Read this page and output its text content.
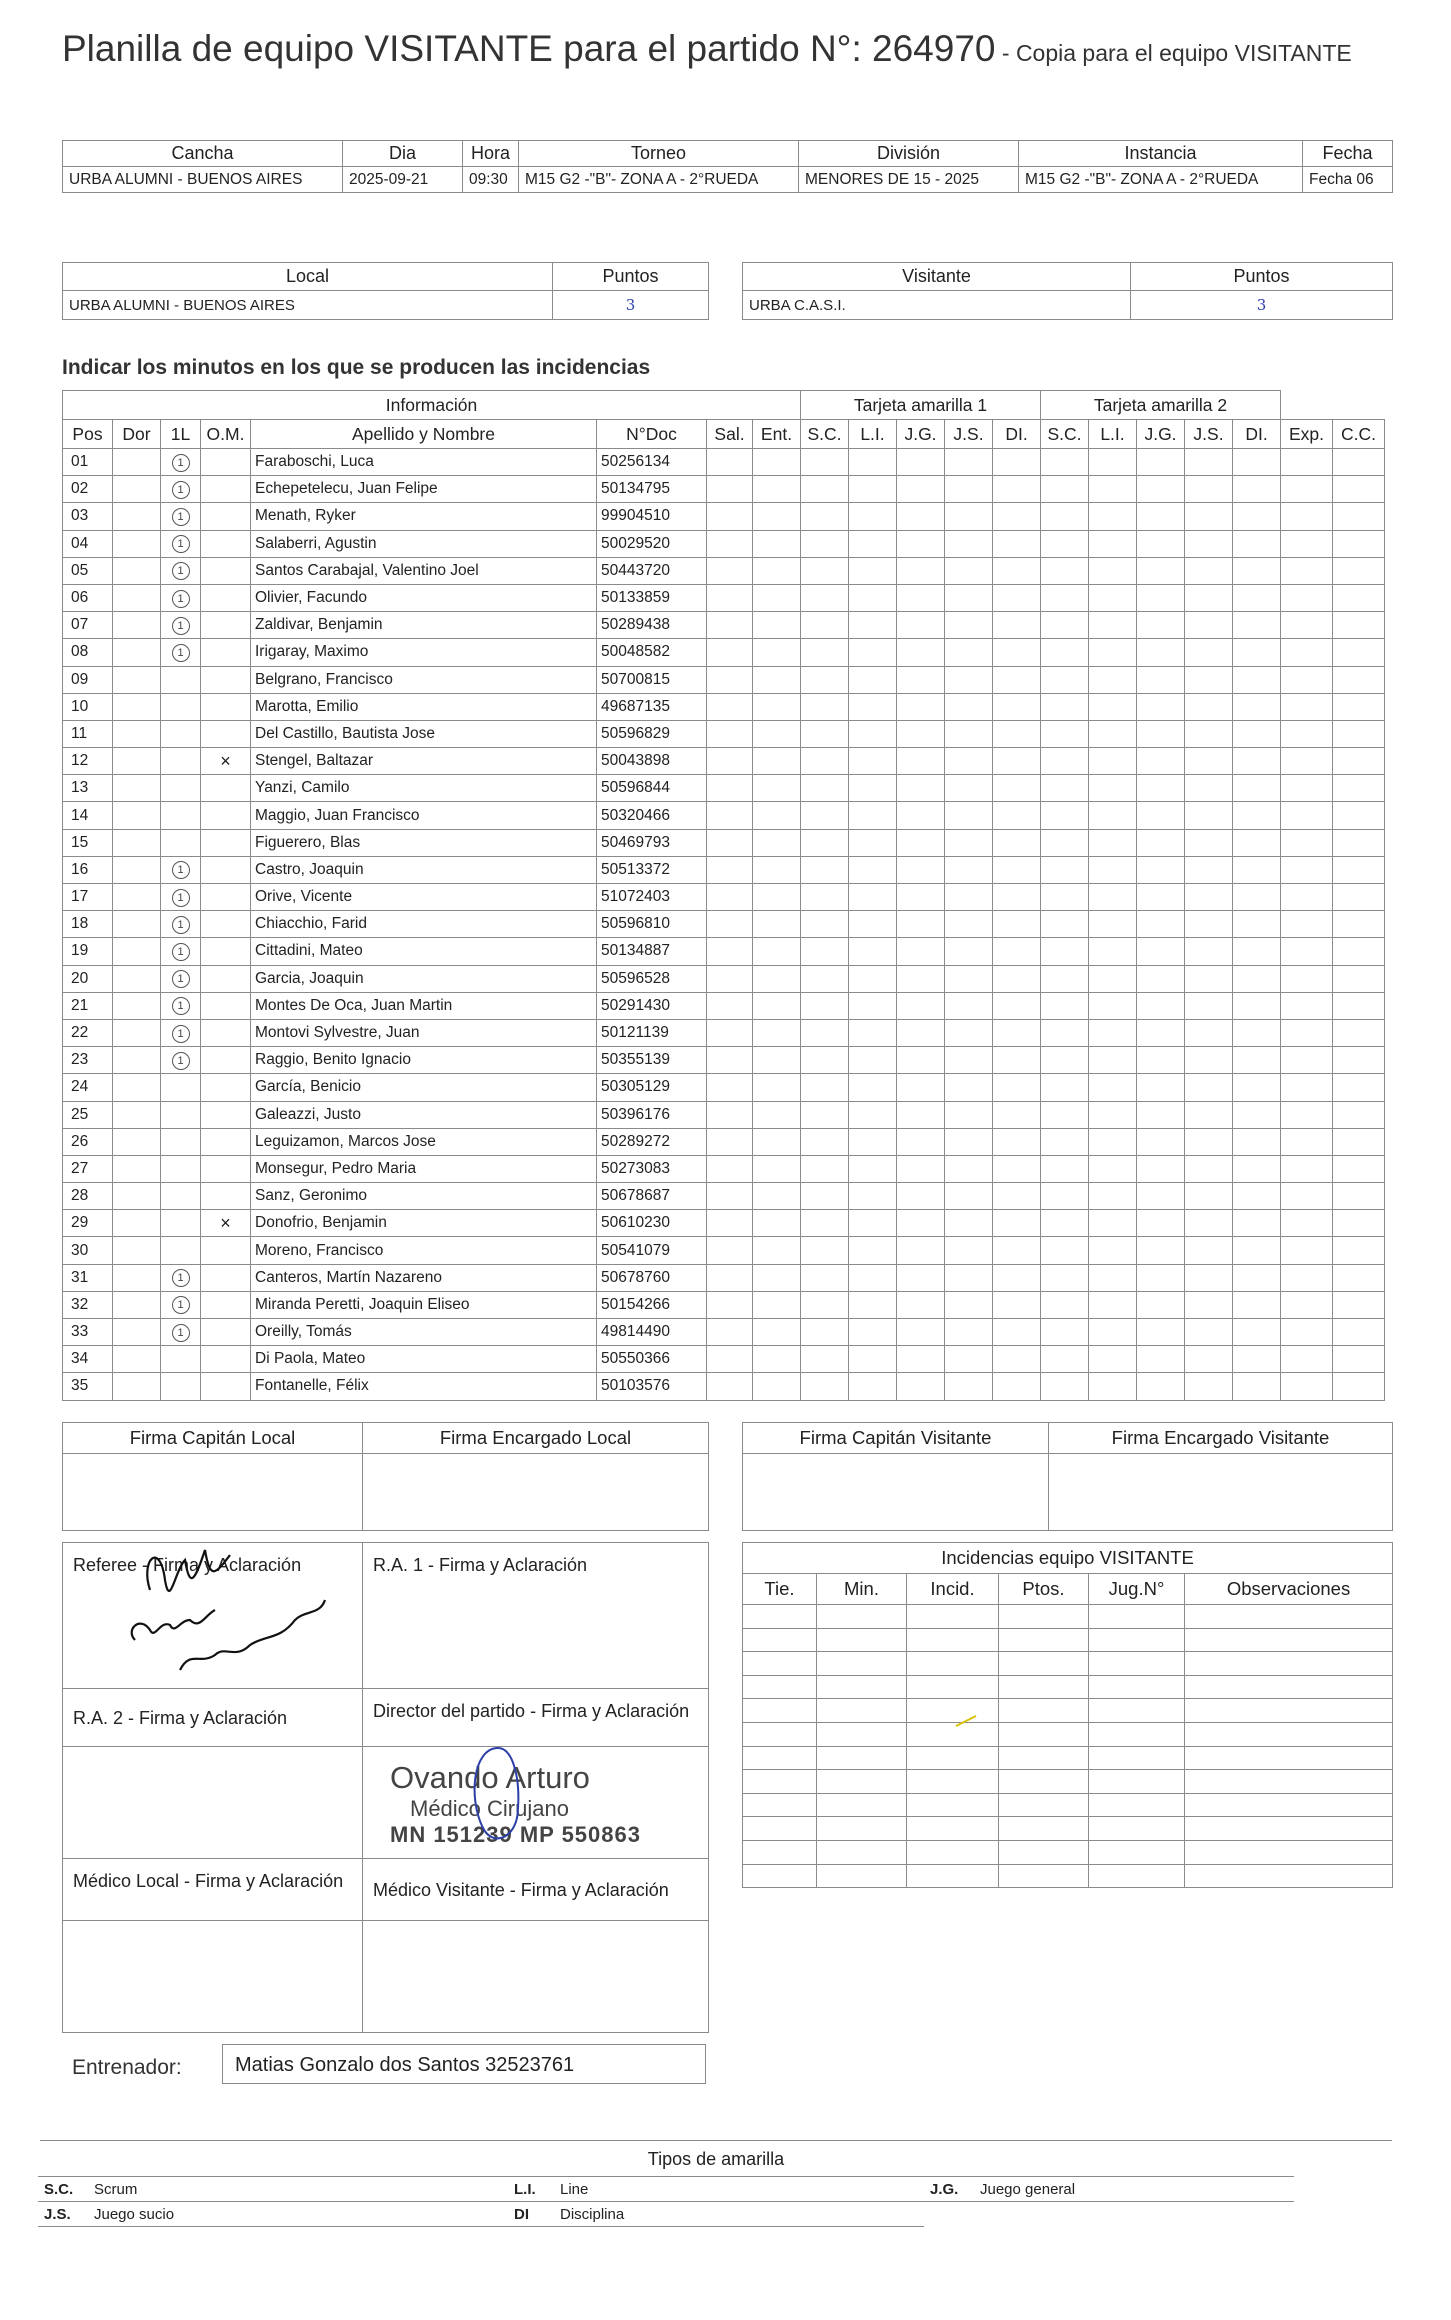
Planilla de equipo VISITANTE para el partido N°: 264970 - Copia para el equipo VISITANTE
Cancha	Dia	Hora	Torneo	División	Instancia	Fecha
URBA ALUMNI - BUENOS AIRES	2025-09-21	09:30	M15 G2 -"B"- ZONA A - 2°RUEDA	MENORES DE 15 - 2025	M15 G2 -"B"- ZONA A - 2°RUEDA	Fecha 06
Local	Puntos
URBA ALUMNI - BUENOS AIRES	3
Visitante	Puntos
URBA C.A.S.I.	3
Indicar los minutos en los que se producen las incidencias
Información								Tarjeta amarilla 1					Tarjeta amarilla 2						
Pos	Dor	1L	O.M.	Apellido y Nombre	N°Doc	Sal.	Ent.	S.C.	L.I.	J.G.	J.S.	DI.	S.C.	L.I.	J.G.	J.S.	DI.	Exp.	C.C.
01		1		Faraboschi, Luca	50256134														
02		1		Echepetelecu, Juan Felipe	50134795														
03		1		Menath, Ryker	99904510														
04		1		Salaberri, Agustin	50029520														
05		1		Santos Carabajal, Valentino Joel	50443720														
06		1		Olivier, Facundo	50133859														
07		1		Zaldivar, Benjamin	50289438														
08		1		Irigaray, Maximo	50048582														
09				Belgrano, Francisco	50700815														
10				Marotta, Emilio	49687135														
11				Del Castillo, Bautista Jose	50596829														
12			×	Stengel, Baltazar	50043898														
13				Yanzi, Camilo	50596844														
14				Maggio, Juan Francisco	50320466														
15				Figuerero, Blas	50469793														
16		1		Castro, Joaquin	50513372														
17		1		Orive, Vicente	51072403														
18		1		Chiacchio, Farid	50596810														
19		1		Cittadini, Mateo	50134887														
20		1		Garcia, Joaquin	50596528														
21		1		Montes De Oca, Juan Martin	50291430														
22		1		Montovi Sylvestre, Juan	50121139														
23		1		Raggio, Benito Ignacio	50355139														
24				García, Benicio	50305129														
25				Galeazzi, Justo	50396176														
26				Leguizamon, Marcos Jose	50289272														
27				Monsegur, Pedro Maria	50273083														
28				Sanz, Geronimo	50678687														
29			×	Donofrio, Benjamin	50610230														
30				Moreno, Francisco	50541079														
31		1		Canteros, Martín Nazareno	50678760														
32		1		Miranda Peretti, Joaquin Eliseo	50154266														
33		1		Oreilly, Tomás	49814490														
34				Di Paola, Mateo	50550366														
35				Fontanelle, Félix	50103576														
Firma Capitán Local	Firma Encargado Local
		Firma Capitán Visitante	Firma Encargado Visitante

Referee - Firma y Aclaración	R.A. 1 - Firma y Aclaración
R.A. 2 - Firma y Aclaración	Director del partido - Firma y Aclaración

Médico Local - Firma y Aclaración	Médico Visitante - Firma y Aclaración

Ovando Arturo
Médico Cirujano
MN 151239 MP 550863
Incidencias equipo VISITANTE					
Tie.	Min.	Incid.	Ptos.	Jug.N°	Observaciones

Entrenador:	Matias Gonzalo dos Santos 32523761
Tipos de amarilla
S.C.	Scrum	L.I.	Line	J.G.	Juego general
J.S.	Juego sucio	DI	Disciplina		
